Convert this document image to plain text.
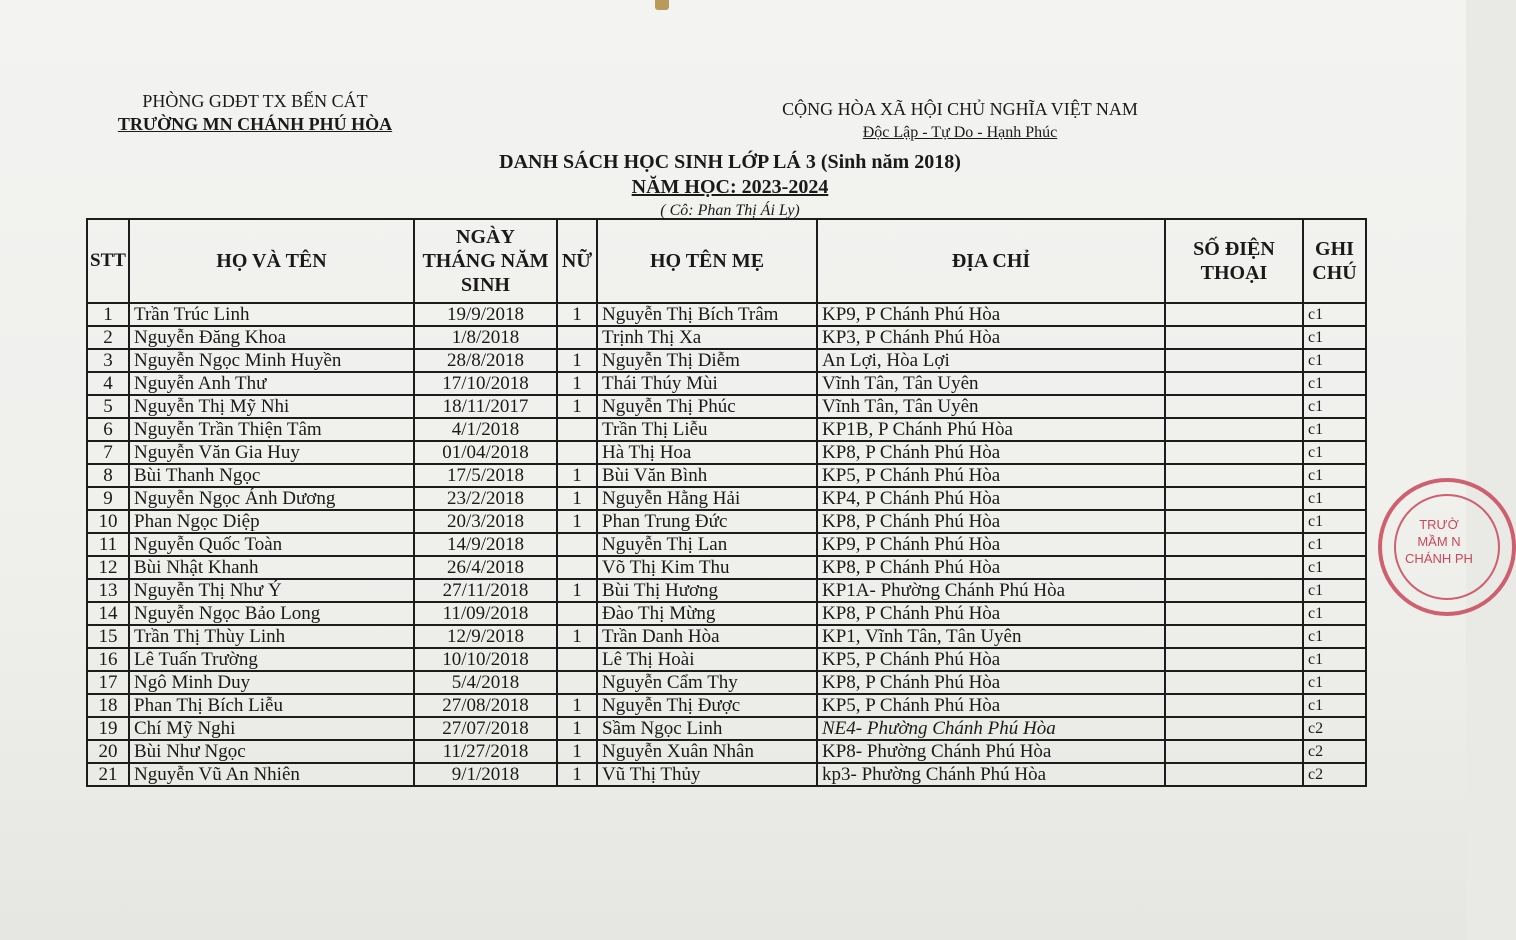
PHÒNG GDĐT TX BẾN CÁT
TRƯỜNG MN CHÁNH PHÚ HÒA
CỘNG HÒA XÃ HỘI CHỦ NGHĨA VIỆT NAM
Độc Lập - Tự Do - Hạnh Phúc
DANH SÁCH HỌC SINH LỚP LÁ 3 (Sinh năm 2018)
NĂM HỌC: 2023-2024
( Cô: Phan Thị Ái Ly)
STT	HỌ VÀ TÊN	NGÀY THÁNG NĂM SINH	NỮ	HỌ TÊN MẸ	ĐỊA CHỈ	SỐ ĐIỆN THOẠI	GHI CHÚ
1	Trần Trúc Linh	19/9/2018	1	Nguyễn Thị Bích Trâm	KP9, P Chánh Phú Hòa		c1
2	Nguyễn Đăng Khoa	1/8/2018		Trịnh Thị Xa	KP3, P Chánh Phú Hòa		c1
3	Nguyễn Ngọc Minh Huyền	28/8/2018	1	Nguyễn Thị Diễm	An Lợi, Hòa Lợi		c1
4	Nguyễn Anh Thư	17/10/2018	1	Thái Thúy Mùi	Vĩnh Tân, Tân Uyên		c1
5	Nguyễn Thị Mỹ Nhi	18/11/2017	1	Nguyễn Thị Phúc	Vĩnh Tân, Tân Uyên		c1
6	Nguyễn Trần Thiện Tâm	4/1/2018		Trần Thị Liễu	KP1B, P Chánh Phú Hòa		c1
7	Nguyễn Văn Gia Huy	01/04/2018		Hà Thị Hoa	KP8, P Chánh Phú Hòa		c1
8	Bùi Thanh Ngọc	17/5/2018	1	Bùi Văn Bình	KP5, P Chánh Phú Hòa		c1
9	Nguyễn Ngọc Ánh Dương	23/2/2018	1	Nguyễn Hằng Hải	KP4, P Chánh Phú Hòa		c1
10	Phan Ngọc Diệp	20/3/2018	1	Phan Trung Đức	KP8, P Chánh Phú Hòa		c1
11	Nguyễn Quốc Toàn	14/9/2018		Nguyễn Thị Lan	KP9, P Chánh Phú Hòa		c1
12	Bùi Nhật Khanh	26/4/2018		Võ Thị Kim Thu	KP8, P Chánh Phú Hòa		c1
13	Nguyễn Thị Như Ý	27/11/2018	1	Bùi Thị Hương	KP1A- Phường Chánh Phú Hòa		c1
14	Nguyễn Ngọc Bảo Long	11/09/2018		Đào Thị Mừng	KP8, P Chánh Phú Hòa		c1
15	Trần Thị Thùy Linh	12/9/2018	1	Trần Danh Hòa	KP1, Vĩnh Tân, Tân Uyên		c1
16	Lê Tuấn Trường	10/10/2018		Lê Thị Hoài	KP5, P Chánh Phú Hòa		c1
17	Ngô Minh Duy	5/4/2018		Nguyễn Cẩm Thy	KP8, P Chánh Phú Hòa		c1
18	Phan Thị Bích Liễu	27/08/2018	1	Nguyễn Thị Được	KP5, P Chánh Phú Hòa		c1
19	Chí Mỹ Nghi	27/07/2018	1	Sầm Ngọc Linh	NE4- Phường Chánh Phú Hòa		c2
20	Bùi Như Ngọc	11/27/2018	1	Nguyễn Xuân Nhân	KP8- Phường Chánh Phú Hòa		c2
21	Nguyễn Vũ An Nhiên	9/1/2018	1	Vũ Thị Thủy	kp3- Phường Chánh Phú Hòa		c2
TRƯỜ
MẦM N
CHÁNH PH
